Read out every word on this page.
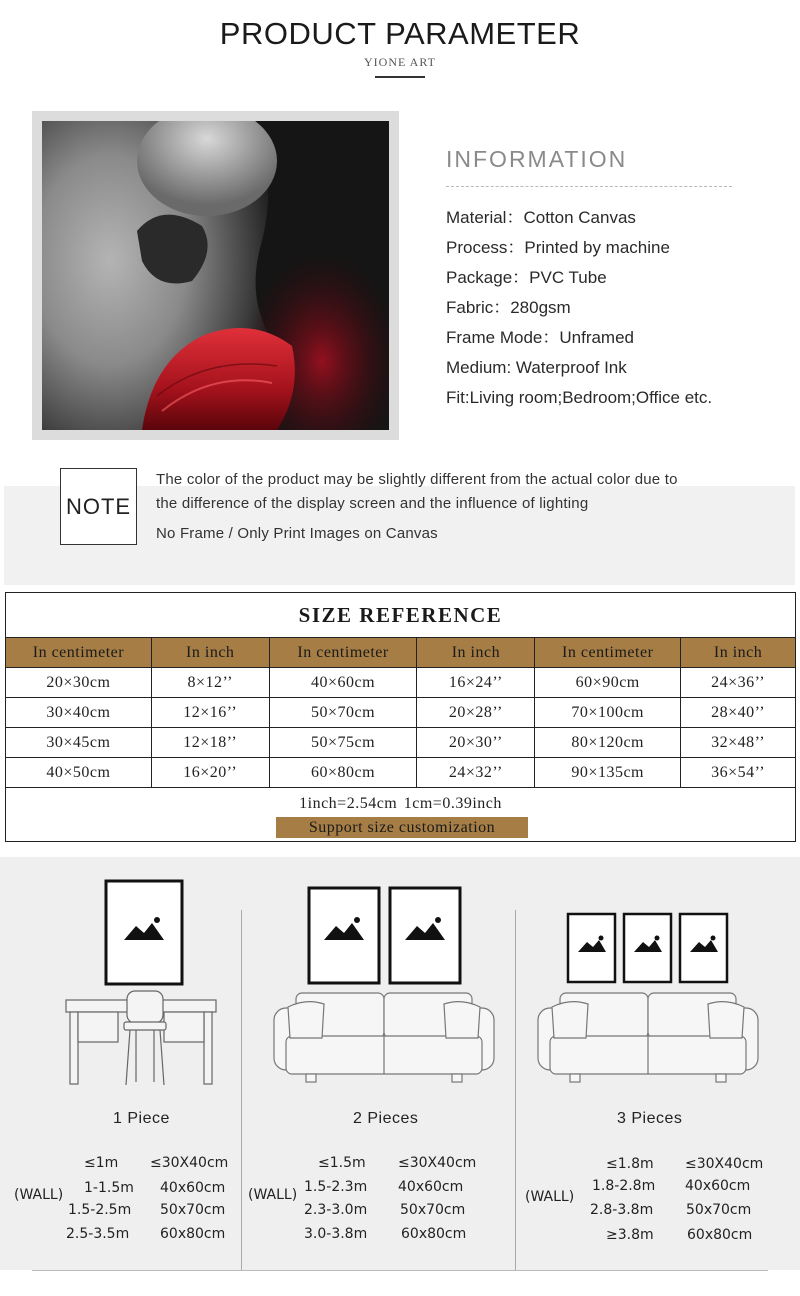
PRODUCT PARAMETER
YIONE ART
INFORMATION
Material：Cotton Canvas
Process：Printed by machine
Package：PVC Tube
Fabric：280gsm
Frame Mode：Unframed
Medium: Waterproof Ink
Fit:Living room;Bedroom;Office etc.
NOTE
The color of the product may be slightly different from the actual color due to
the difference of the display screen and the influence of lighting
No Frame / Only Print Images on Canvas
SIZE REFERENCE
In centimeter	In inch	In centimeter	In inch	In centimeter	In inch
20×30cm	8×12’’	40×60cm	16×24’’	60×90cm	24×36’’
30×40cm	12×16’’	50×70cm	20×28’’	70×100cm	28×40’’
30×45cm	12×18’’	50×75cm	20×30’’	80×120cm	32×48’’
40×50cm	16×20’’	60×80cm	24×32’’	90×135cm	36×54’’
1inch=2.54cm 1cm=0.39inch
Support size customization
1 Piece	2 Pieces	3 Pieces
(WALL)	(WALL)	(WALL)
≤1m ≤30X40cm
1-1.5m 40x60cm
1.5-2.5m 50x70cm
2.5-3.5m 60x80cm
≤1.5m ≤30X40cm
1.5-2.3m 40x60cm
2.3-3.0m 50x70cm
3.0-3.8m 60x80cm
≤1.8m ≤30X40cm
1.8-2.8m 40x60cm
2.8-3.8m 50x70cm
≥3.8m 60x80cm
